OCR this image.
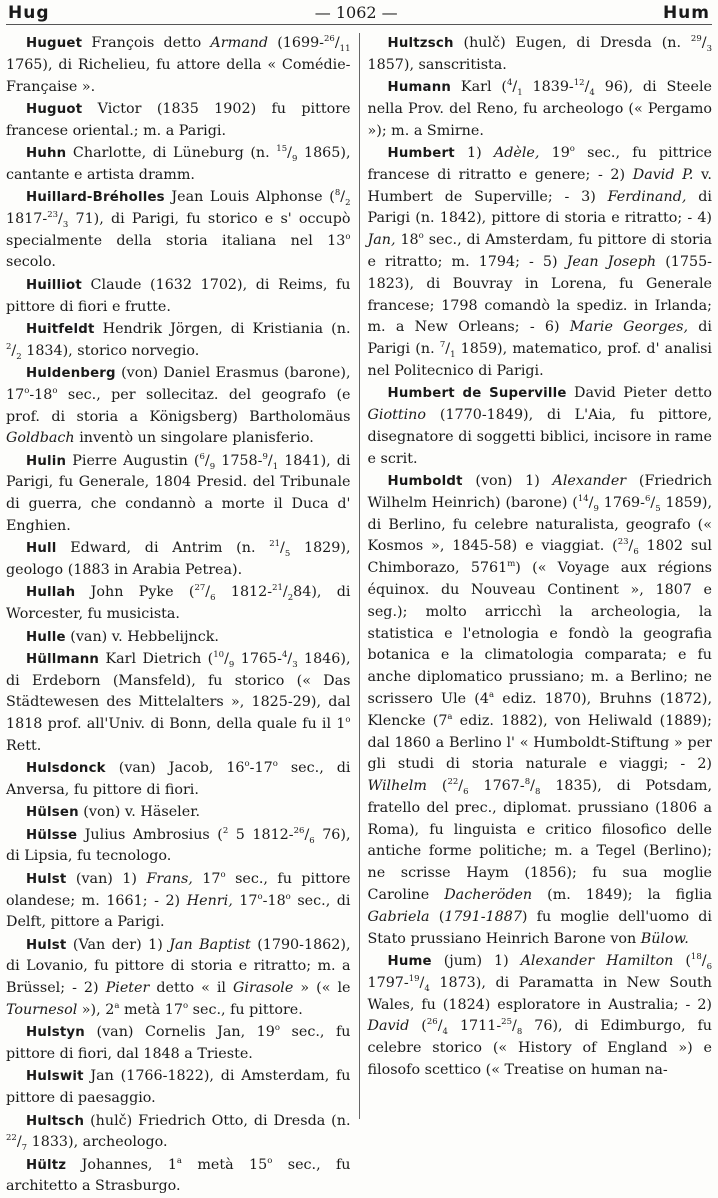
Hug	— 1062 —	Hum

Huguet François detto Armand ($1699-^{26}/_{11}$ 1765), di Richelieu, fu attore della « Comédie-Française ».

Huguot Victor (1835 1902) fu pittore francese oriental.; m. a Parigi.

Huhn Charlotte, di Lüneburg (n. $^{15}/_9$ 1865), cantante e artista dramm.

Huillard-Bréholles Jean Louis Alphonse ($^8/_2$ $1817-^{23}/_3$ 71), di Parigi, fu storico e s' occupò specialmente della storia italiana nel 13$^o$ secolo.

Huilliot Claude (1632 1702), di Reims, fu pittore di fiori e frutte.

Huitfeldt Hendrik Jörgen, di Kristiania (n. $^2/_2$ 1834), storico norvegio.

Huldenberg (von) Daniel Erasmus (barone), 17$^o$-18$^o$ sec., per sollecitaz. del geografo (e prof. di storia a Königsberg) Bartholomäus Goldbach inventò un singolare planisferio.

Hulin Pierre Augustin ($^6/_9$ $1758-^9/_1$ 1841), di Parigi, fu Generale, 1804 Presid. del Tribunale di guerra, che condannò a morte il Duca d' Enghien.

Hull Edward, di Antrim (n. $^{21}/_5$ 1829), geologo (1883 in Arabia Petrea).

Hullah John Pyke ($^{27}/_6$ $1812-^{21}/_284$), di Worcester, fu musicista.

Hulle (van) v. Hebbelijnck.

Hüllmann Karl Dietrich ($^{10}/_9$ $1765-^4/_3$ 1846), di Erdeborn (Mansfeld), fu storico (« Das Städtewesen des Mittelalters », 1825-29), dal 1818 prof. all'Univ. di Bonn, della quale fu il 1$^o$ Rett.

Hulsdonck (van) Jacob, 16$^o$-17$^o$ sec., di Anversa, fu pittore di fiori.

Hülsen (von) v. Häseler.

Hülsse Julius Ambrosius ($^2$ 5 $1812-^{26}/_6$ 76), di Lipsia, fu tecnologo.

Hulst (van) 1) Frans, 17$^o$ sec., fu pittore olandese; m. 1661; - 2) Henri, 17$^o$-18$^o$ sec., di Delft, pittore a Parigi.

Hulst (Van der) 1) Jan Baptist (1790-1862), di Lovanio, fu pittore di storia e ritratto; m. a Brüssel; - 2) Pieter detto « il Girasole » (« le Tournesol »), 2$^a$ metà 17$^o$ sec., fu pittore.

Hulstyn (van) Cornelis Jan, 19$^o$ sec., fu pittore di fiori, dal 1848 a Trieste.

Hulswit Jan (1766-1822), di Amsterdam, fu pittore di paesaggio.

Hultsch (hulč) Friedrich Otto, di Dresda (n. $^{22}/_7$ 1833), archeologo.

Hültz Johannes, 1$^a$ metà 15$^o$ sec., fu architetto a Strasburgo.

Hultzsch (hulč) Eugen, di Dresda (n. $^{29}/_3$ 1857), sanscritista.

Humann Karl ($^4/_1$ $1839-^{12}/_4$ 96), di Steele nella Prov. del Reno, fu archeologo (« Pergamo »); m. a Smirne.

Humbert 1) Adèle, 19$^o$ sec., fu pittrice francese di ritratto e genere; - 2) David P. v. Humbert de Superville; - 3) Ferdinand, di Parigi (n. 1842), pittore di storia e ritratto; - 4) Jan, 18$^o$ sec., di Amsterdam, fu pittore di storia e ritratto; m. 1794; - 5) Jean Joseph (1755-1823), di Bouvray in Lorena, fu Generale francese; 1798 comandò la spediz. in Irlanda; m. a New Orleans; - 6) Marie Georges, di Parigi (n. $^7/_1$ 1859), matematico, prof. d' analisi nel Politecnico di Parigi.

Humbert de Superville David Pieter detto Giottino (1770-1849), di L'Aia, fu pittore, disegnatore di soggetti biblici, incisore in rame e scrit.

Humboldt (von) 1) Alexander (Friedrich Wilhelm Heinrich) (barone) ($^{14}/_9$ $1769-^6/_5$ 1859), di Berlino, fu celebre naturalista, geografo (« Kosmos », 1845-58) e viaggiat. ($^{23}/_6$ 1802 sul Chimborazo, 5761$^m$) (« Voyage aux régions équinox. du Nouveau Continent », 1807 e seg.); molto arricchì la archeologia, la statistica e l'etnologia e fondò la geografia botanica e la climatologia comparata; e fu anche diplomatico prussiano; m. a Berlino; ne scrissero Ule (4$^a$ ediz. 1870), Bruhns (1872), Klencke (7$^a$ ediz. 1882), von Heliwald (1889); dal 1860 a Berlino l' « Humboldt-Stiftung » per gli studi di storia naturale e viaggi; - 2) Wilhelm ($^{22}/_6$ $1767-^8/_8$ 1835), di Potsdam, fratello del prec., diplomat. prussiano (1806 a Roma), fu linguista e critico filosofico delle antiche forme politiche; m. a Tegel (Berlino); ne scrisse Haym (1856); fu sua moglie Caroline Dacheröden (m. 1849); la figlia Gabriela (1791-1887) fu moglie dell'uomo di Stato prussiano Heinrich Barone von Bülow.

Hume (jum) 1) Alexander Hamilton ($^{18}/_6$ $1797-^{19}/_4$ 1873), di Paramatta in New South Wales, fu (1824) esploratore in Australia; - 2) David ($^{26}/_4$ $1711-^{25}/_8$ 76), di Edimburgo, fu celebre storico (« History of England ») e filosofo scettico (« Treatise on human na-
